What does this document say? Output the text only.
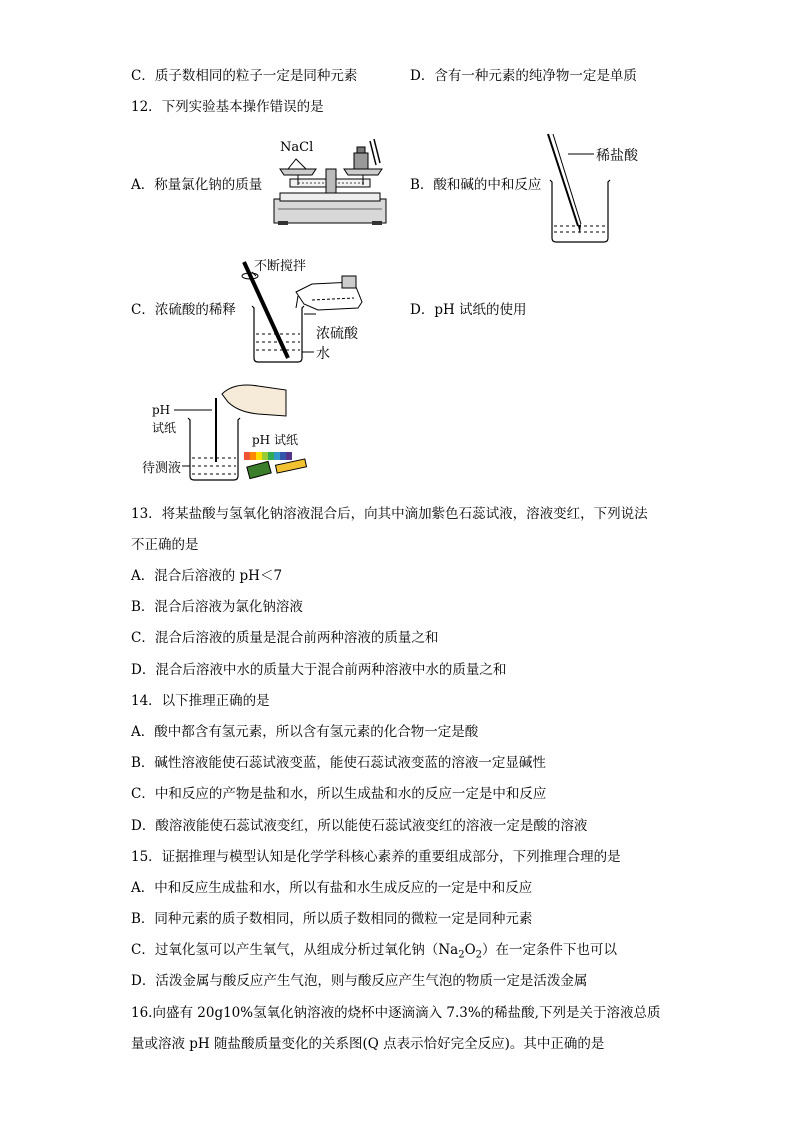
C．质子数相同的粒子一定是同种元素	D．含有一种元素的纯净物一定是单质
12．下列实验基本操作错误的是
A．称量氯化钠的质量	B．酸和碱的中和反应
NaCl
稀盐酸
C．浓硫酸的稀释	D．pH 试纸的使用
不断搅拌
浓硫酸
水
pH
试纸
待测液
pH 试纸
13．将某盐酸与氢氧化钠溶液混合后，向其中滴加紫色石蕊试液，溶液变红，下列说法
不正确的是
A．混合后溶液的 pH＜7
B．混合后溶液为氯化钠溶液
C．混合后溶液的质量是混合前两种溶液的质量之和
D．混合后溶液中水的质量大于混合前两种溶液中水的质量之和
14．以下推理正确的是
A．酸中都含有氢元素，所以含有氢元素的化合物一定是酸
B．碱性溶液能使石蕊试液变蓝，能使石蕊试液变蓝的溶液一定显碱性
C．中和反应的产物是盐和水，所以生成盐和水的反应一定是中和反应
D．酸溶液能使石蕊试液变红，所以能使石蕊试液变红的溶液一定是酸的溶液
15．证据推理与模型认知是化学学科核心素养的重要组成部分，下列推理合理的是
A．中和反应生成盐和水，所以有盐和水生成反应的一定是中和反应
B．同种元素的质子数相同，所以质子数相同的微粒一定是同种元素
C．过氧化氢可以产生氧气，从组成分析过氧化钠$(Na_2O_2)$在一定条件下也可以
D．活泼金属与酸反应产生气泡，则与酸反应产生气泡的物质一定是活泼金属
16.向盛有 20g10%氢氧化钠溶液的烧杯中逐滴滴入 7.3%的稀盐酸,下列是关于溶液总质
量或溶液 pH 随盐酸质量变化的关系图(Q 点表示恰好完全反应)。其中正确的是
